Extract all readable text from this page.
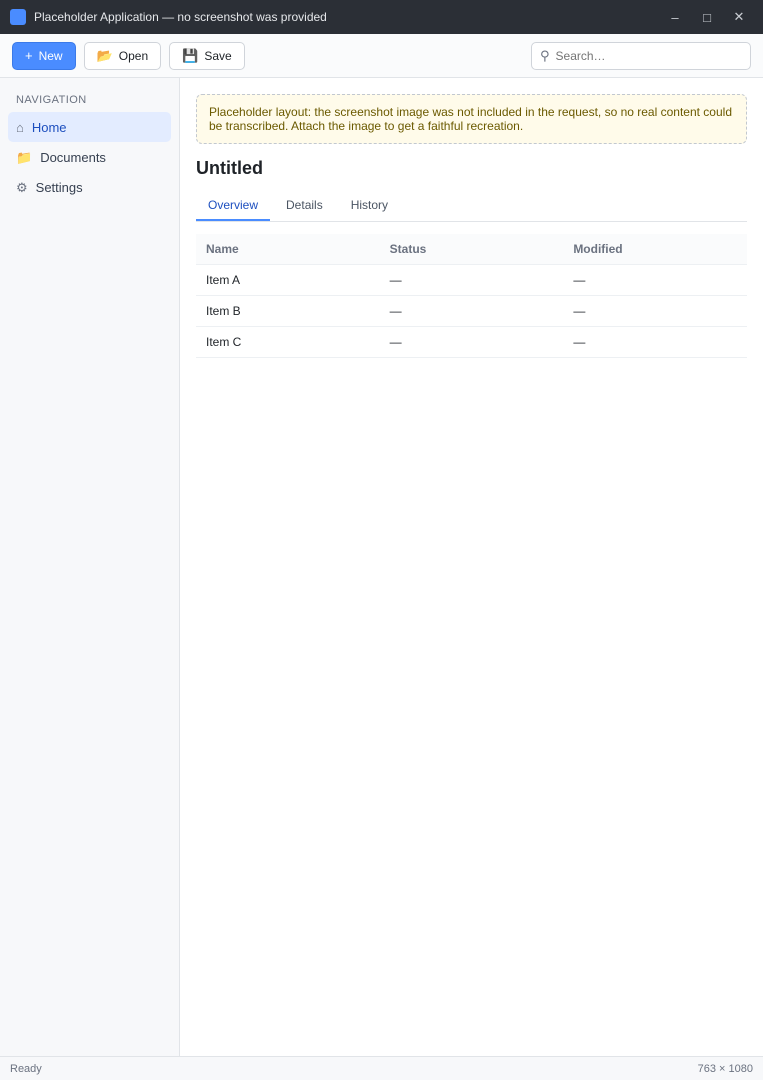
Placeholder Application — no screenshot was provided	–	□	✕
+ New	📂 Open	💾 Save	⚲
Search…
NAVIGATION
⌂ Home
📁 Documents
⚙ Settings
Placeholder layout: the screenshot image was not included in the request, so no real content could be transcribed. Attach the image to get a faithful recreation.
Untitled
Overview	Details	History
Name	Status	Modified
Item A	—	—
Item B	—	—
Item C	—	—
Ready	763 × 1080
